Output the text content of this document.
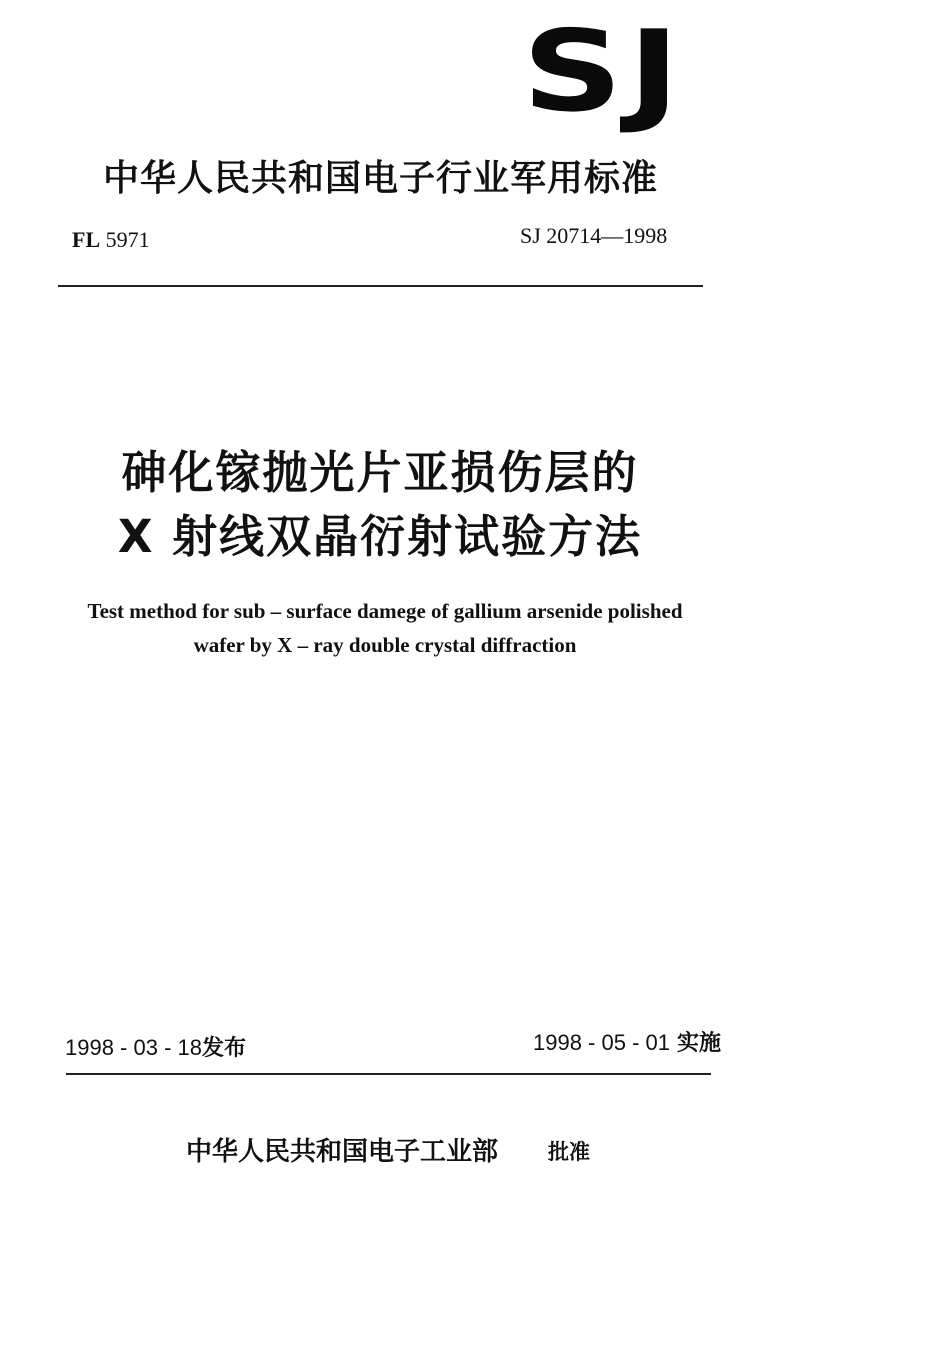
SJ
中华人民共和国电子行业军用标准
FL 5971	SJ 20714—1998
砷化镓抛光片亚损伤层的
X 射线双晶衍射试验方法
Test method for sub – surface damege of gallium arsenide polished
wafer by X – ray double crystal diffraction
1998 - 03 - 18发布	1998 - 05 - 01 实施
中华人民共和国电子工业部 批准
